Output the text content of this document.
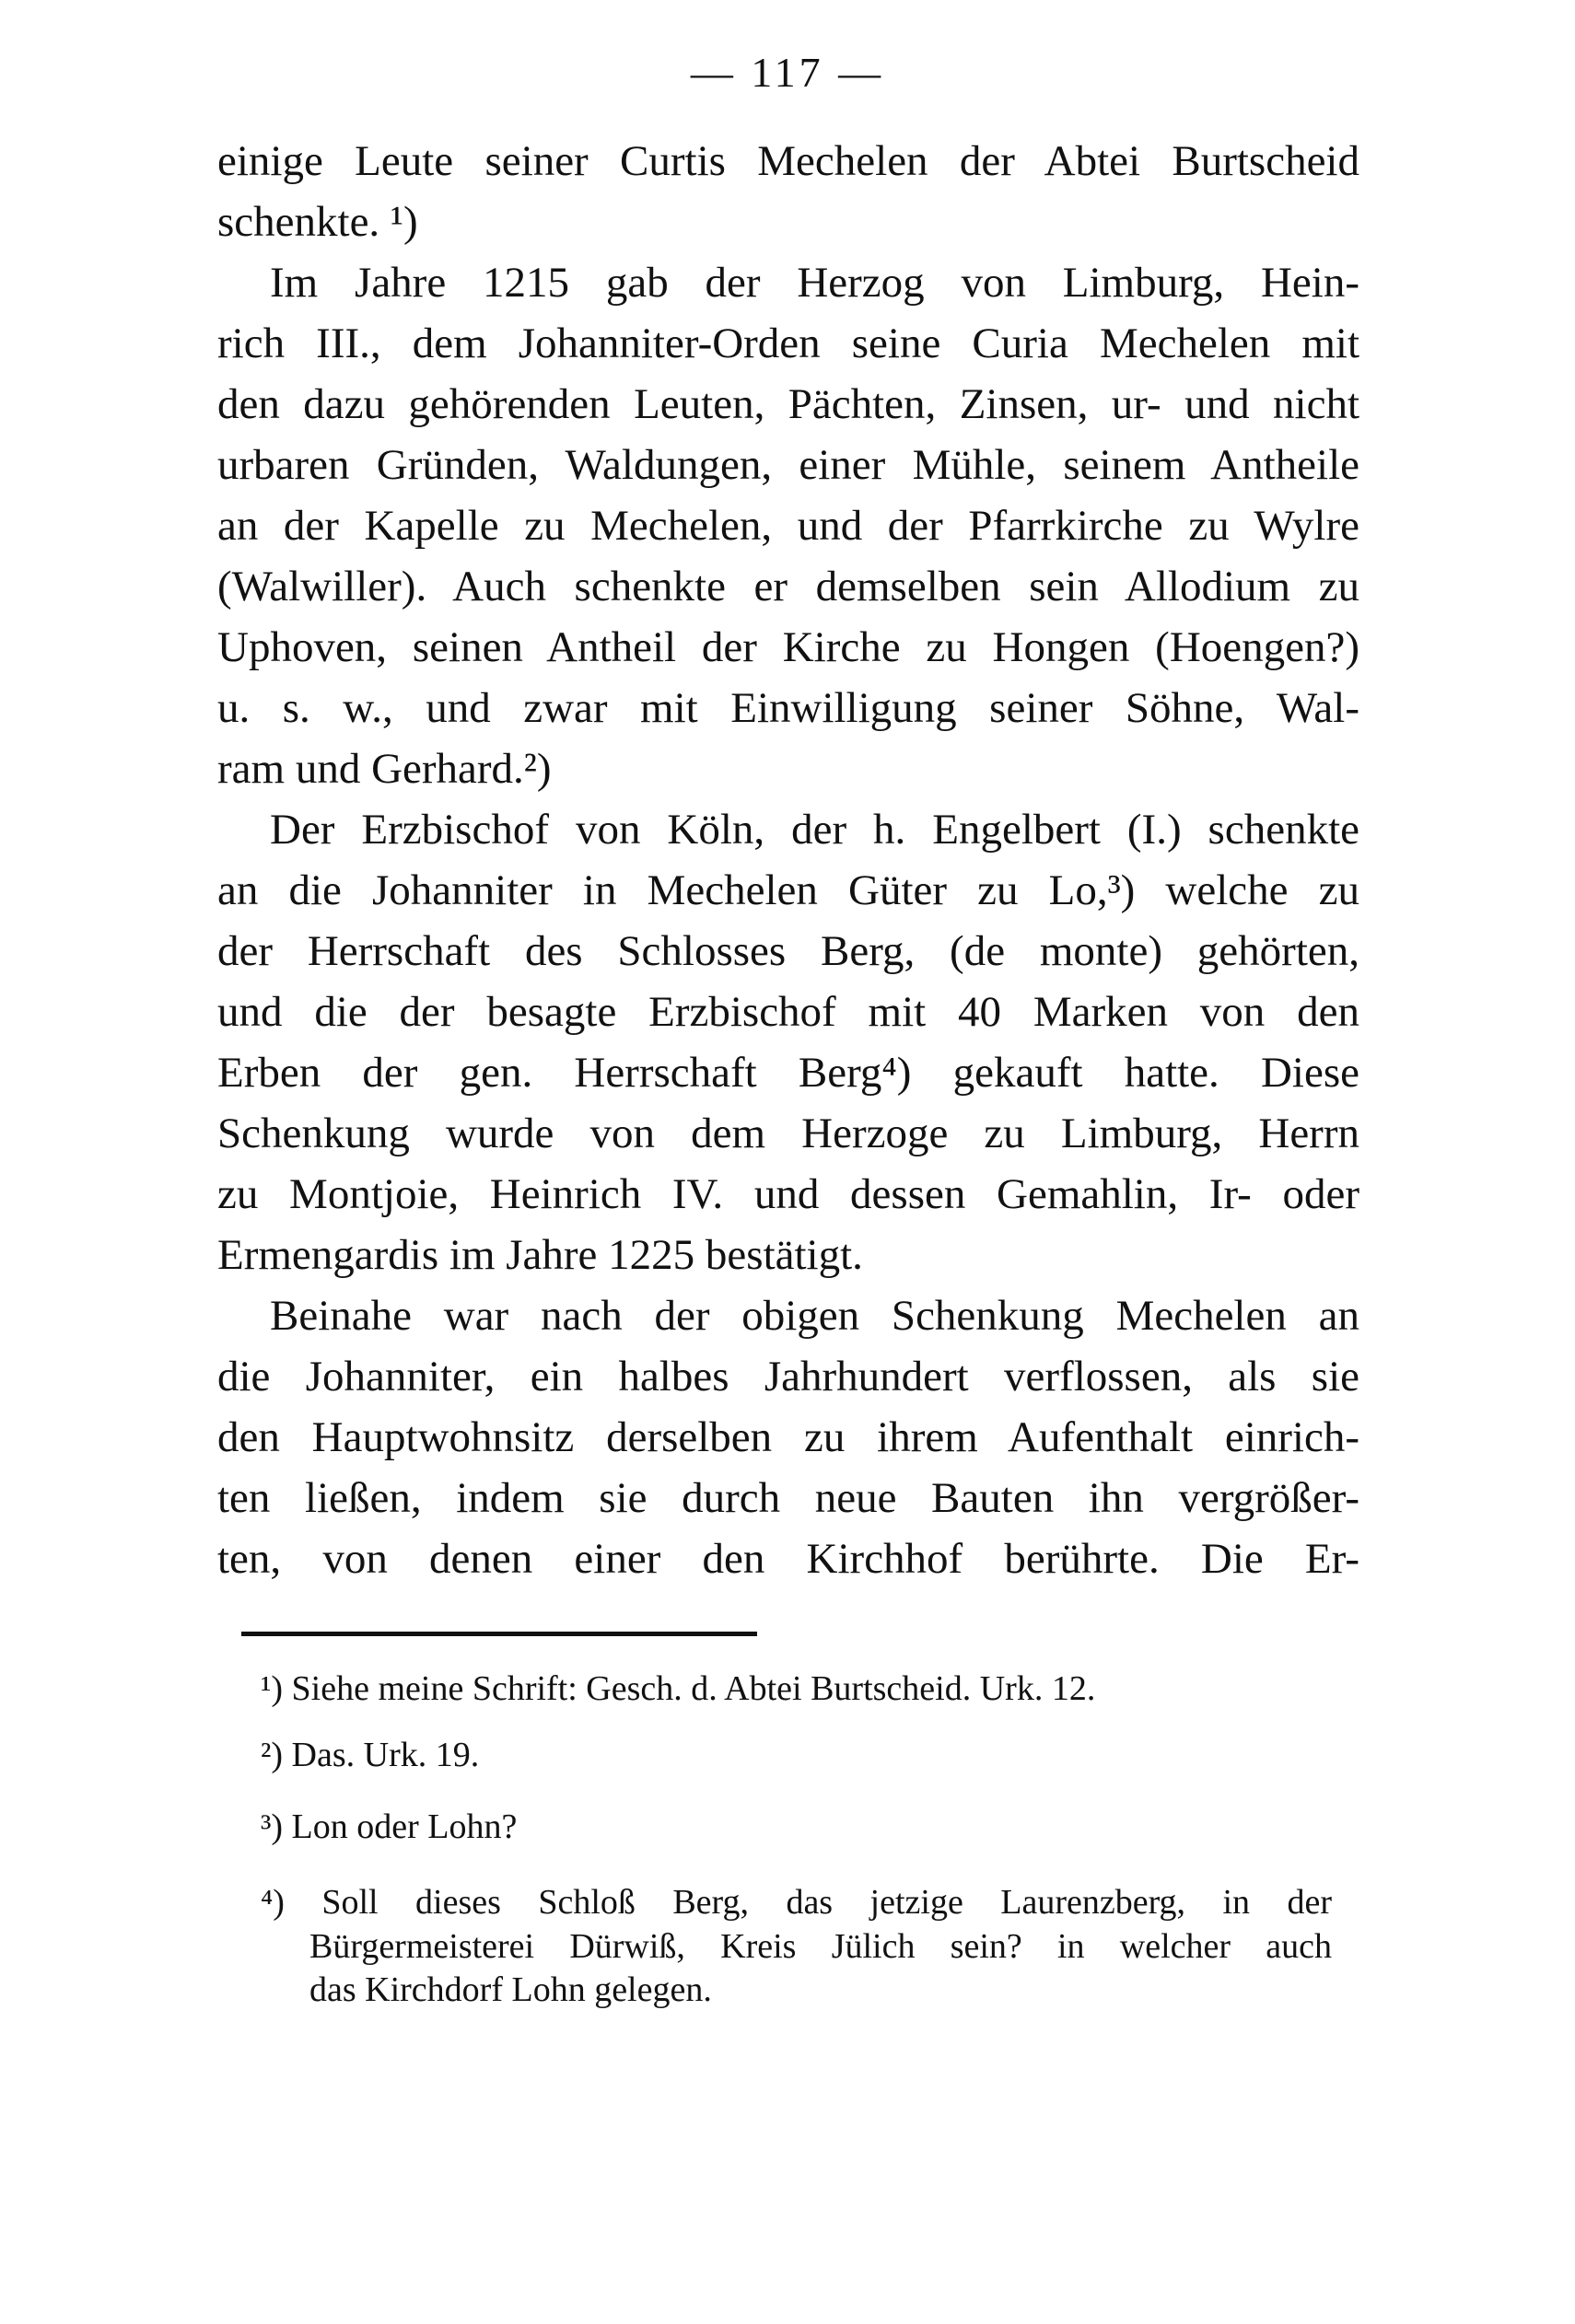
— 117 —
einige Leute seiner Curtis Mechelen der Abtei Burtscheid
schenkte. ¹)
Im Jahre 1215 gab der Herzog von Limburg, Hein-
rich III., dem Johanniter-Orden seine Curia Mechelen mit
den dazu gehörenden Leuten, Pächten, Zinsen, ur- und nicht
urbaren Gründen, Waldungen, einer Mühle, seinem Antheile
an der Kapelle zu Mechelen, und der Pfarrkirche zu Wylre
(Walwiller). Auch schenkte er demselben sein Allodium zu
Uphoven, seinen Antheil der Kirche zu Hongen (Hoengen?)
u. s. w., und zwar mit Einwilligung seiner Söhne, Wal-
ram und Gerhard.²)
Der Erzbischof von Köln, der h. Engelbert (I.) schenkte
an die Johanniter in Mechelen Güter zu Lo,³) welche zu
der Herrschaft des Schlosses Berg, (de monte) gehörten,
und die der besagte Erzbischof mit 40 Marken von den
Erben der gen. Herrschaft Berg⁴) gekauft hatte. Diese
Schenkung wurde von dem Herzoge zu Limburg, Herrn
zu Montjoie, Heinrich IV. und dessen Gemahlin, Ir- oder
Ermengardis im Jahre 1225 bestätigt.
Beinahe war nach der obigen Schenkung Mechelen an
die Johanniter, ein halbes Jahrhundert verflossen, als sie
den Hauptwohnsitz derselben zu ihrem Aufenthalt einrich-
ten ließen, indem sie durch neue Bauten ihn vergrößer-
ten, von denen einer den Kirchhof berührte. Die Er-
¹) Siehe meine Schrift: Gesch. d. Abtei Burtscheid. Urk. 12.
²) Das. Urk. 19.
³) Lon oder Lohn?
⁴) Soll dieses Schloß Berg, das jetzige Laurenzberg, in der
Bürgermeisterei Dürwiß, Kreis Jülich sein? in welcher auch
das Kirchdorf Lohn gelegen.
